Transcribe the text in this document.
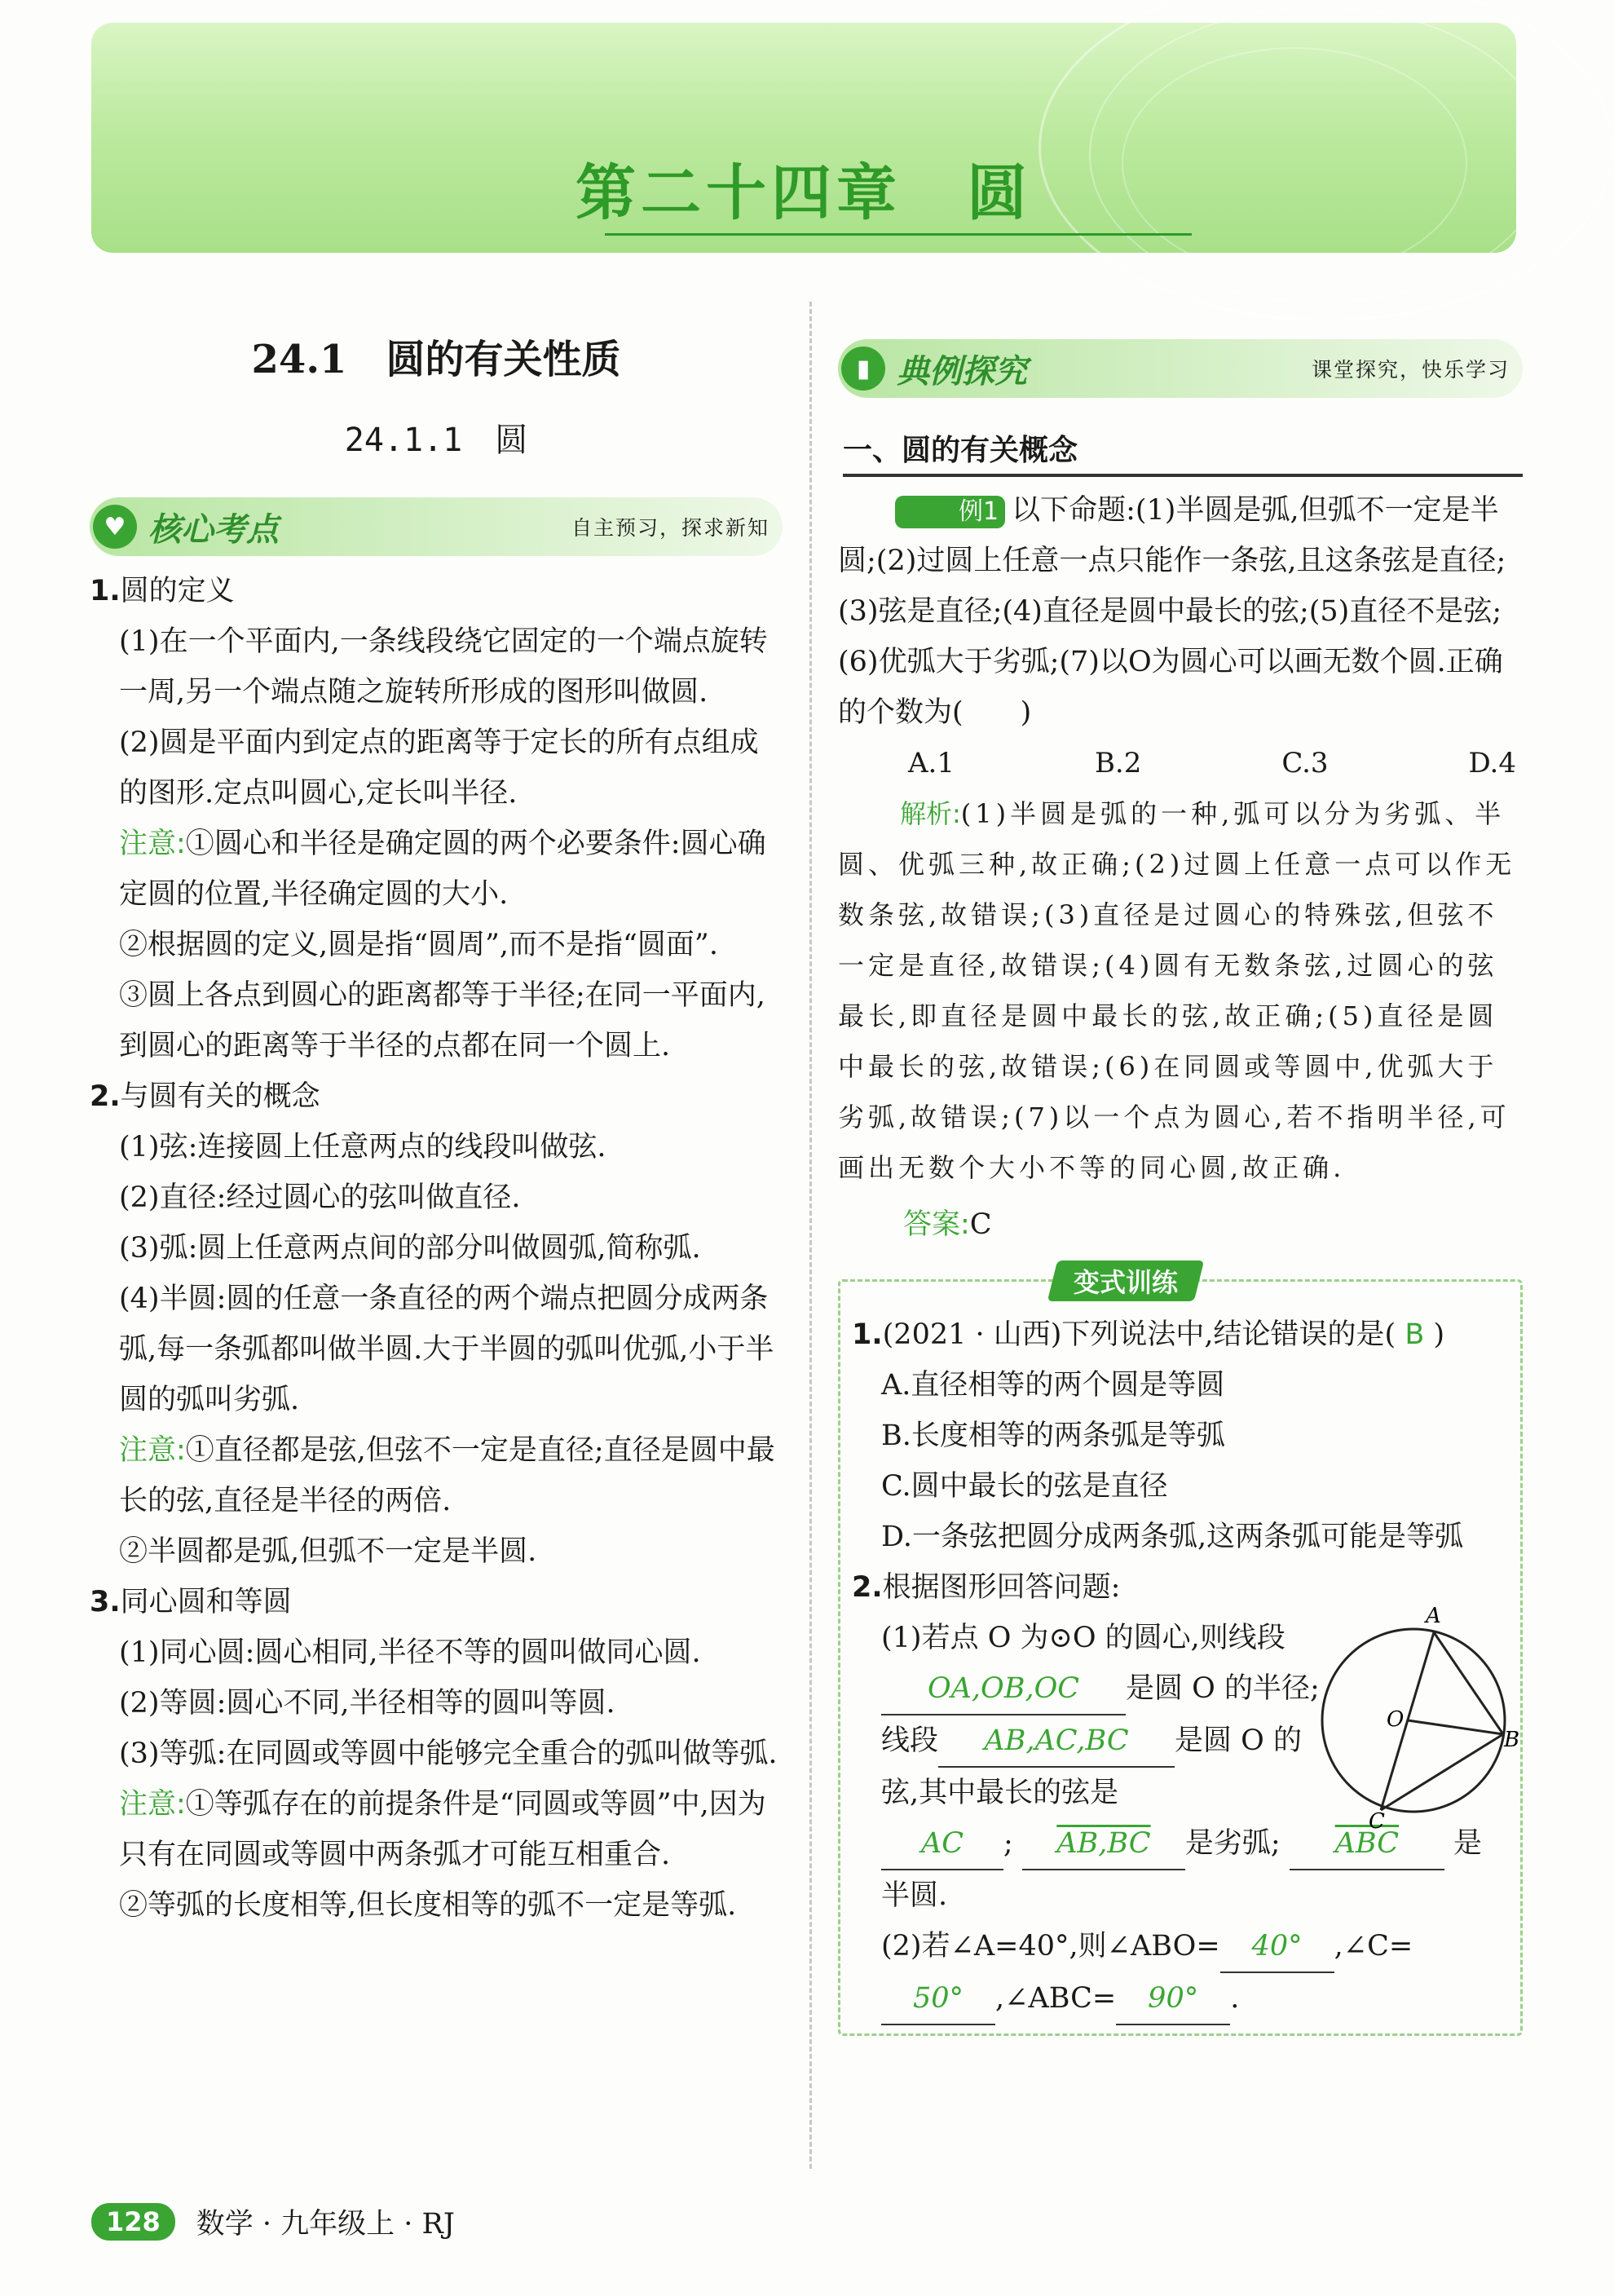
第二十四章　圆
24.1　圆的有关性质
24.1.1　圆
♥ 核心考点	自主预习，探求新知

1.圆的定义

(1)在一个平面内,一条线段绕它固定的一个端点旋转一周,另一个端点随之旋转所形成的图形叫做圆.

(2)圆是平面内到定点的距离等于定长的所有点组成的图形.定点叫圆心,定长叫半径.

注意:①圆心和半径是确定圆的两个必要条件:圆心确定圆的位置,半径确定圆的大小.

②根据圆的定义,圆是指“圆周”,而不是指“圆面”.

③圆上各点到圆心的距离都等于半径;在同一平面内,到圆心的距离等于半径的点都在同一个圆上.

2.与圆有关的概念

(1)弦:连接圆上任意两点的线段叫做弦.

(2)直径:经过圆心的弦叫做直径.

(3)弧:圆上任意两点间的部分叫做圆弧,简称弧.

(4)半圆:圆的任意一条直径的两个端点把圆分成两条弧,每一条弧都叫做半圆.大于半圆的弧叫优弧,小于半圆的弧叫劣弧.

注意:①直径都是弦,但弦不一定是直径;直径是圆中最长的弦,直径是半径的两倍.

②半圆都是弧,但弧不一定是半圆.

3.同心圆和等圆

(1)同心圆:圆心相同,半径不等的圆叫做同心圆.

(2)等圆:圆心不同,半径相等的圆叫等圆.

(3)等弧:在同圆或等圆中能够完全重合的弧叫做等弧.

注意:①等弧存在的前提条件是“同圆或等圆”中,因为只有在同圆或等圆中两条弧才可能互相重合.

②等弧的长度相等,但长度相等的弧不一定是等弧.

▮ 典例探究	课堂探究，快乐学习
一、圆的有关概念

例1 以下命题:(1)半圆是弧,但弧不一定是半圆;(2)过圆上任意一点只能作一条弦,且这条弦是直径;(3)弦是直径;(4)直径是圆中最长的弦;(5)直径不是弦;(6)优弧大于劣弧;(7)以O为圆心可以画无数个圆.正确的个数为(　　)

A.1	B.2	C.3	D.4

解析:(1)半圆是弧的一种,弧可以分为劣弧、半圆、优弧三种,故正确;(2)过圆上任意一点可以作无数条弦,故错误;(3)直径是过圆心的特殊弦,但弦不一定是直径,故错误;(4)圆有无数条弦,过圆心的弦最长,即直径是圆中最长的弦,故正确;(5)直径是圆中最长的弦,故错误;(6)在同圆或等圆中,优弧大于劣弧,故错误;(7)以一个点为圆心,若不指明半径,可画出无数个大小不等的同心圆,故正确.

答案:C

变式训练

1.(2021 · 山西)下列说法中,结论错误的是( B )

A.直径相等的两个圆是等圆

B.长度相等的两条弧是等弧

C.圆中最长的弦是直径

D.一条弦把圆分成两条弧,这两条弧可能是等弧

2.根据图形回答问题:

(1)若点 O 为⊙O 的圆心,则线段OA,OB,OC 是圆 O 的半径;线段 AB,AC,BC 是圆 O 的弦,其中最长的弦是

AC ; AB,BC 是劣弧; $\overline{ABC}$ 是半圆.

(2)若∠A=40°,则∠ABO= 40° ,∠C=50° ,∠ABC= 90° .

A
O
B
C
128	数学 · 九年级上 · RJ
